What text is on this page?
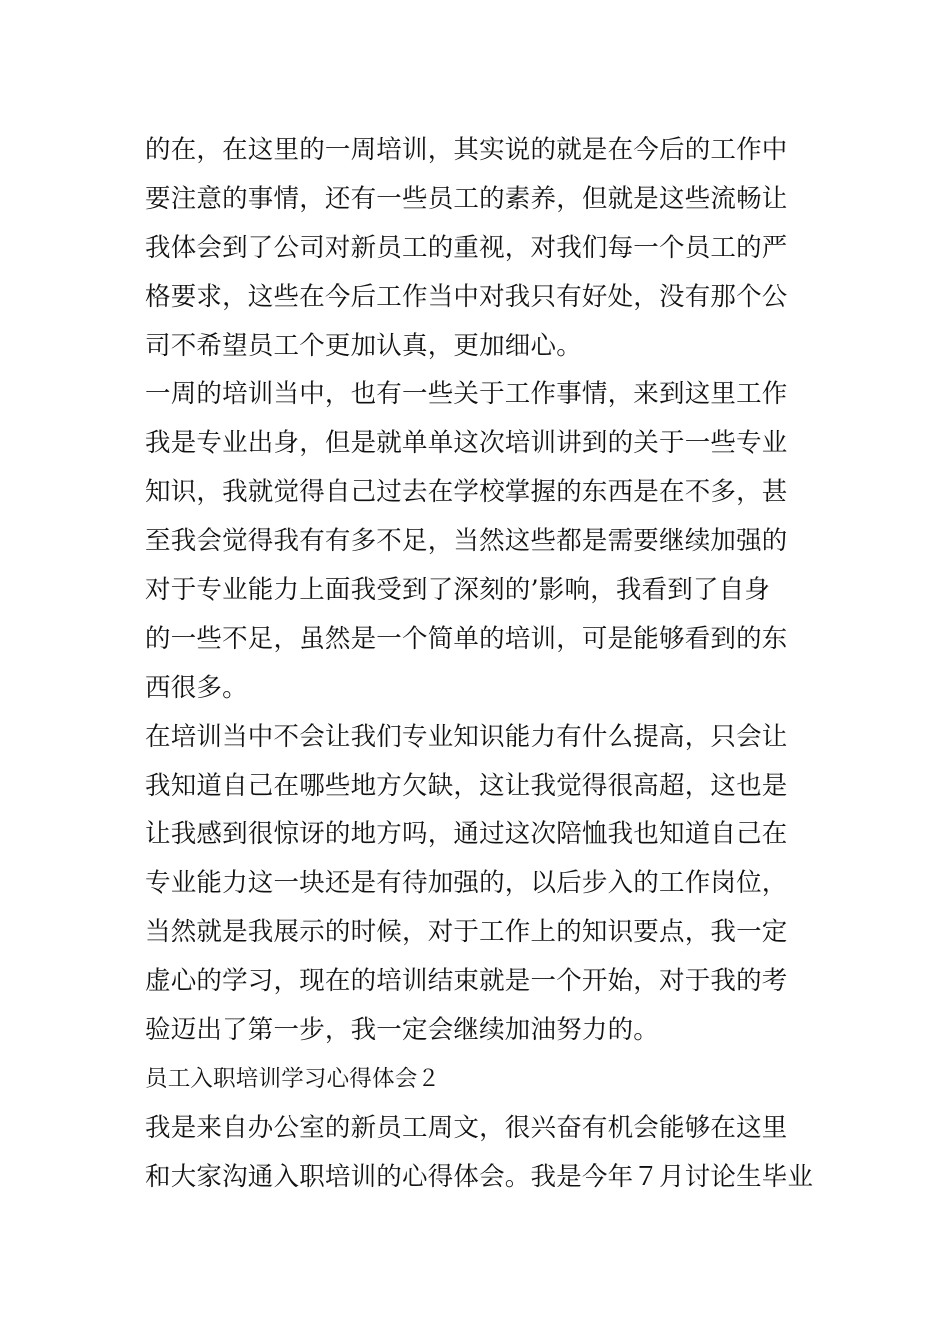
的在，在这里的一周培训，其实说的就是在今后的工作中
要注意的事情，还有一些员工的素养，但就是这些流畅让
我体会到了公司对新员工的重视，对我们每一个员工的严
格要求，这些在今后工作当中对我只有好处，没有那个公
司不希望员工个更加认真，更加细心。
一周的培训当中，也有一些关于工作事情，来到这里工作
我是专业出身，但是就单单这次培训讲到的关于一些专业
知识，我就觉得自己过去在学校掌握的东西是在不多，甚
至我会觉得我有有多不足，当然这些都是需要继续加强的
对于专业能力上面我受到了深刻的’影响，我看到了自身
的一些不足，虽然是一个简单的培训，可是能够看到的东
西很多。
在培训当中不会让我们专业知识能力有什么提高，只会让
我知道自己在哪些地方欠缺，这让我觉得很高超，这也是
让我感到很惊讶的地方吗，通过这次陪恤我也知道自己在
专业能力这一块还是有待加强的，以后步入的工作岗位，
当然就是我展示的时候，对于工作上的知识要点，我一定
虚心的学习，现在的培训结束就是一个开始，对于我的考
验迈出了第一步，我一定会继续加油努力的。
员工入职培训学习心得体会２
我是来自办公室的新员工周文，很兴奋有机会能够在这里
和大家沟通入职培训的心得体会。我是今年７月讨论生毕业
